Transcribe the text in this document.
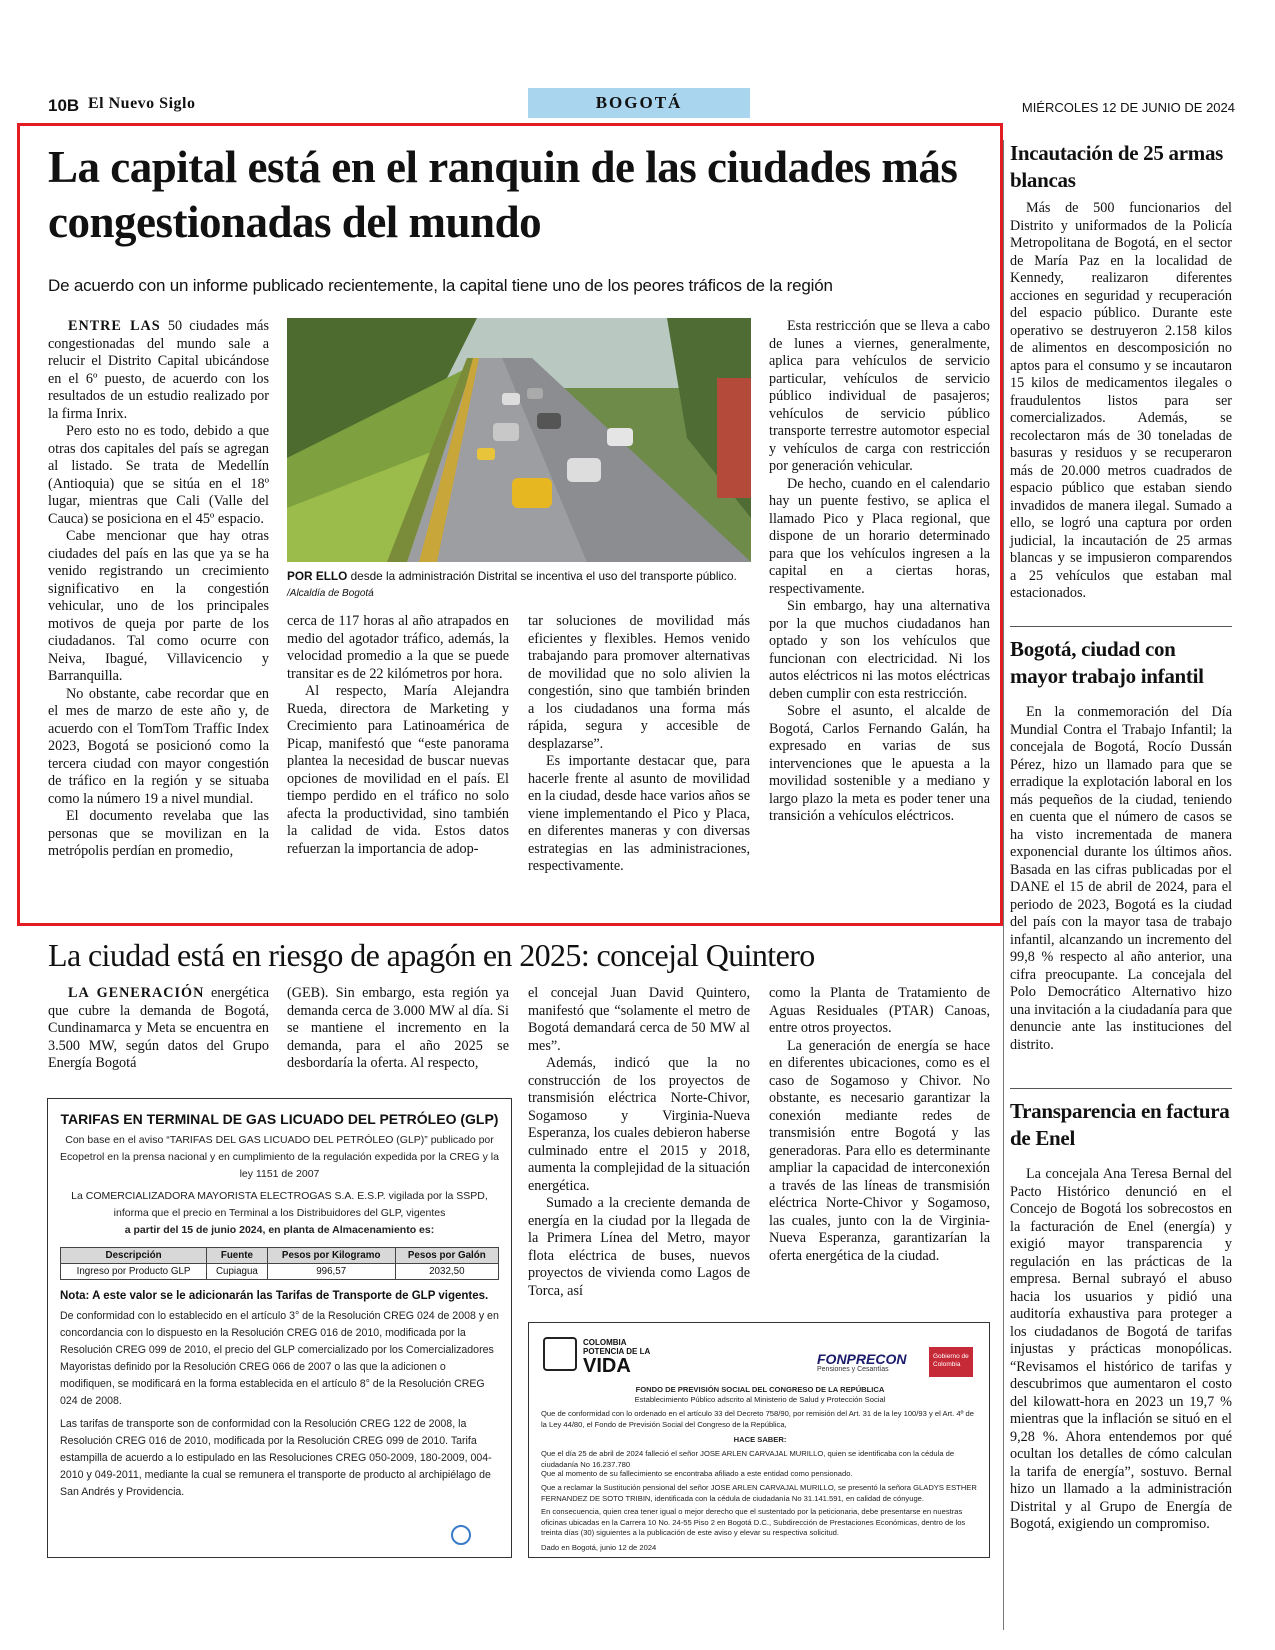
10B El Nuevo Siglo	BOGOTÁ	MIÉRCOLES 12 DE JUNIO DE 2024
La capital está en el ranquin de las ciudades más congestionadas del mundo
De acuerdo con un informe publicado recientemente, la capital tiene uno de los peores tráficos de la región

ENTRE LAS 50 ciudades más congestionadas del mundo sale a relucir el Distrito Capital ubicándose en el 6º puesto, de acuerdo con los resultados de un estudio realizado por la firma Inrix.

Pero esto no es todo, debido a que otras dos capitales del país se agregan al listado. Se trata de Medellín (Antioquia) que se sitúa en el 18º lugar, mientras que Cali (Valle del Cauca) se posiciona en el 45º espacio.

Cabe mencionar que hay otras ciudades del país en las que ya se ha venido registrando un crecimiento significativo en la congestión vehicular, uno de los principales motivos de queja por parte de los ciudadanos. Tal como ocurre con Neiva, Ibagué, Villavicencio y Barranquilla.

No obstante, cabe recordar que en el mes de marzo de este año y, de acuerdo con el TomTom Traffic Index 2023, Bogotá se posicionó como la tercera ciudad con mayor congestión de tráfico en la región y se situaba como la número 19 a nivel mundial.

El documento revelaba que las personas que se movilizan en la metrópolis perdían en promedio,

POR ELLO desde la administración Distrital se incentiva el uso del transporte público. /Alcaldía de Bogotá

cerca de 117 horas al año atrapados en medio del agotador tráfico, además, la velocidad promedio a la que se puede transitar es de 22 kilómetros por hora.

Al respecto, María Alejandra Rueda, directora de Marketing y Crecimiento para Latinoamérica de Picap, manifestó que “este panorama plantea la necesidad de buscar nuevas opciones de movilidad en el país. El tiempo perdido en el tráfico no solo afecta la productividad, sino también la calidad de vida. Estos datos refuerzan la importancia de adop-

tar soluciones de movilidad más eficientes y flexibles. Hemos venido trabajando para promover alternativas de movilidad que no solo alivien la congestión, sino que también brinden a los ciudadanos una forma más rápida, segura y accesible de desplazarse”.

Es importante destacar que, para hacerle frente al asunto de movilidad en la ciudad, desde hace varios años se viene implementando el Pico y Placa, en diferentes maneras y con diversas estrategias en las administraciones, respectivamente.

Esta restricción que se lleva a cabo de lunes a viernes, generalmente, aplica para vehículos de servicio particular, vehículos de servicio público individual de pasajeros; vehículos de servicio público transporte terrestre automotor especial y vehículos de carga con restricción por generación vehicular.

De hecho, cuando en el calendario hay un puente festivo, se aplica el llamado Pico y Placa regional, que dispone de un horario determinado para que los vehículos ingresen a la capital en a ciertas horas, respectivamente.

Sin embargo, hay una alternativa por la que muchos ciudadanos han optado y son los vehículos que funcionan con electricidad. Ni los autos eléctricos ni las motos eléctricas deben cumplir con esta restricción.

Sobre el asunto, el alcalde de Bogotá, Carlos Fernando Galán, ha expresado en varias de sus intervenciones que le apuesta a la movilidad sostenible y a mediano y largo plazo la meta es poder tener una transición a vehículos eléctricos.

La ciudad está en riesgo de apagón en 2025: concejal Quintero

LA GENERACIÓN energética que cubre la demanda de Bogotá, Cundinamarca y Meta se encuentra en 3.500 MW, según datos del Grupo Energía Bogotá

(GEB). Sin embargo, esta región ya demanda cerca de 3.000 MW al día. Si se mantiene el incremento en la demanda, para el año 2025 se desbordaría la oferta. Al respecto,

el concejal Juan David Quintero, manifestó que “solamente el metro de Bogotá demandará cerca de 50 MW al mes”.

Además, indicó que la no construcción de los proyectos de transmisión eléctrica Norte-Chivor, Sogamoso y Virginia-Nueva Esperanza, los cuales debieron haberse culminado entre el 2015 y 2018, aumenta la complejidad de la situación energética.

Sumado a la creciente demanda de energía en la ciudad por la llegada de la Primera Línea del Metro, mayor flota eléctrica de buses, nuevos proyectos de vivienda como Lagos de Torca, así

como la Planta de Tratamiento de Aguas Residuales (PTAR) Canoas, entre otros proyectos.

La generación de energía se hace en diferentes ubicaciones, como es el caso de Sogamoso y Chivor. No obstante, es necesario garantizar la conexión mediante redes de transmisión entre Bogotá y las generadoras. Para ello es determinante ampliar la capacidad de interconexión a través de las líneas de transmisión eléctrica Norte-Chivor y Sogamoso, las cuales, junto con la de Virginia- Nueva Esperanza, garantizarían la oferta energética de la ciudad.

TARIFAS EN TERMINAL DE GAS LICUADO DEL PETRÓLEO (GLP)
Con base en el aviso “TARIFAS DEL GAS LICUADO DEL PETRÓLEO (GLP)” publicado por Ecopetrol en la prensa nacional y en cumplimiento de la regulación expedida por la CREG y la ley 1151 de 2007
La COMERCIALIZADORA MAYORISTA ELECTROGAS S.A. E.S.P. vigilada por la SSPD, informa que el precio en Terminal a los Distribuidores del GLP, vigentes
a partir del 15 de junio 2024, en planta de Almacenamiento es:
Descripción	Fuente	Pesos por Kilogramo	Pesos por Galón
Ingreso por Producto GLP	Cupiagua	996,57	2032,50
Nota: A este valor se le adicionarán las Tarifas de Transporte de GLP vigentes.
De conformidad con lo establecido en el artículo 3° de la Resolución CREG 024 de 2008 y en concordancia con lo dispuesto en la Resolución CREG 016 de 2010, modificada por la Resolución CREG 099 de 2010, el precio del GLP comercializado por los Comercializadores Mayoristas definido por la Resolución CREG 066 de 2007 o las que la adicionen o modifiquen, se modificará en la forma establecida en el artículo 8° de la Resolución CREG 024 de 2008.
Las tarifas de transporte son de conformidad con la Resolución CREG 122 de 2008, la Resolución CREG 016 de 2010, modificada por la Resolución CREG 099 de 2010. Tarifa estampilla de acuerdo a lo estipulado en las Resoluciones CREG 050-2009, 180-2009, 004-2010 y 049-2011, mediante la cual se remunera el transporte de producto al archipiélago de San Andrés y Providencia.
COLOMBIA POTENCIA DE LA
VIDA	FONPRECON
Pensiones y Cesantías
Gobierno de Colombia
FONDO DE PREVISIÓN SOCIAL DEL CONGRESO DE LA REPÚBLICA
Establecimiento Público adscrito al Ministerio de Salud y Protección Social
Que de conformidad con lo ordenado en el artículo 33 del Decreto 758/90, por remisión del Art. 31 de la ley 100/93 y el Art. 4º de la Ley 44/80, el Fondo de Previsión Social del Congreso de la República,
HACE SABER:
Que el día 25 de abril de 2024 falleció el señor JOSE ARLEN CARVAJAL MURILLO, quien se identificaba con la cédula de ciudadanía No 16.237.780
Que al momento de su fallecimiento se encontraba afiliado a este entidad como pensionado.
Que a reclamar la Sustitución pensional del señor JOSE ARLEN CARVAJAL MURILLO, se presentó la señora GLADYS ESTHER FERNANDEZ DE SOTO TRIBIN, identificada con la cédula de ciudadanía No 31.141.591, en calidad de cónyuge.
En consecuencia, quien crea tener igual o mejor derecho que el sustentado por la peticionaria, debe presentarse en nuestras oficinas ubicadas en la Carrera 10 No. 24-55 Piso 2 en Bogotá D.C., Subdirección de Prestaciones Económicas, dentro de los treinta días (30) siguientes a la publicación de este aviso y elevar su respectiva solicitud.
Dado en Bogotá, junio 12 de 2024
Incautación de 25 armas blancas

Más de 500 funcionarios del Distrito y uniformados de la Policía Metropolitana de Bogotá, en el sector de María Paz en la localidad de Kennedy, realizaron diferentes acciones en seguridad y recuperación del espacio público. Durante este operativo se destruyeron 2.158 kilos de alimentos en descomposición no aptos para el consumo y se incautaron 15 kilos de medicamentos ilegales o fraudulentos listos para ser comercializados. Además, se recolectaron más de 30 toneladas de basuras y residuos y se recuperaron más de 20.000 metros cuadrados de espacio público que estaban siendo invadidos de manera ilegal. Sumado a ello, se logró una captura por orden judicial, la incautación de 25 armas blancas y se impusieron comparendos a 25 vehículos que estaban mal estacionados.

Bogotá, ciudad con mayor trabajo infantil

En la conmemoración del Día Mundial Contra el Trabajo Infantil; la concejala de Bogotá, Rocío Dussán Pérez, hizo un llamado para que se erradique la explotación laboral en los más pequeños de la ciudad, teniendo en cuenta que el número de casos se ha visto incrementada de manera exponencial durante los últimos años. Basada en las cifras publicadas por el DANE el 15 de abril de 2024, para el periodo de 2023, Bogotá es la ciudad del país con la mayor tasa de trabajo infantil, alcanzando un incremento del 99,8 % respecto al año anterior, una cifra preocupante. La concejala del Polo Democrático Alternativo hizo una invitación a la ciudadanía para que denuncie ante las instituciones del distrito.

Transparencia en factura de Enel

La concejala Ana Teresa Bernal del Pacto Histórico denunció en el Concejo de Bogotá los sobrecostos en la facturación de Enel (energía) y exigió mayor transparencia y regulación en las prácticas de la empresa. Bernal subrayó el abuso hacia los usuarios y pidió una auditoría exhaustiva para proteger a los ciudadanos de Bogotá de tarifas injustas y prácticas monopólicas. “Revisamos el histórico de tarifas y descubrimos que aumentaron el costo del kilowatt-hora en 2023 un 19,7 % mientras que la inflación se situó en el 9,28 %. Ahora entendemos por qué ocultan los detalles de cómo calculan la tarifa de energía”, sostuvo. Bernal hizo un llamado a la administración Distrital y al Grupo de Energía de Bogotá, exigiendo un compromiso.
